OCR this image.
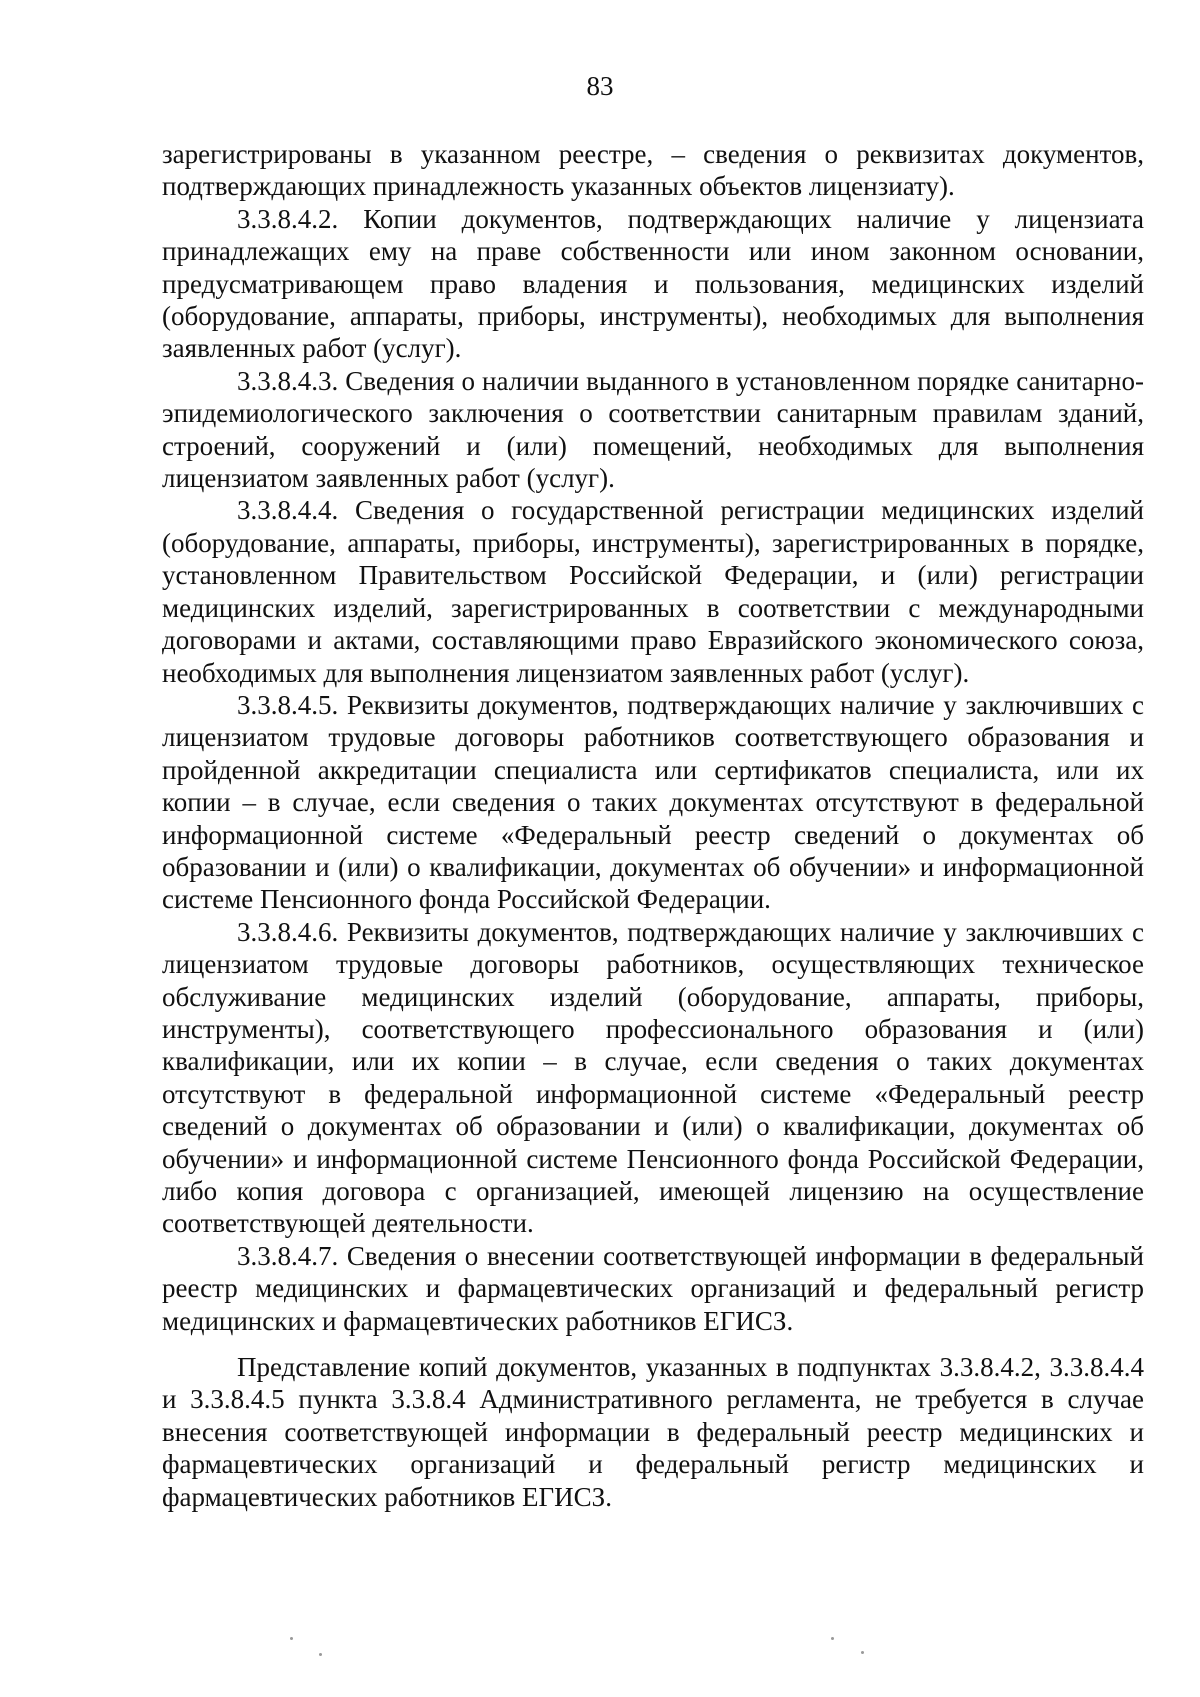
83

зарегистрированы в указанном реестре, – сведения о реквизитах документов, подтверждающих принадлежность указанных объектов лицензиату).

3.3.8.4.2. Копии документов, подтверждающих наличие у лицензиата принадлежащих ему на праве собственности или ином законном основании, предусматривающем право владения и пользования, медицинских изделий (оборудование, аппараты, приборы, инструменты), необходимых для выполнения заявленных работ (услуг).

3.3.8.4.3. Сведения о наличии выданного в установленном порядке санитарно-эпидемиологического заключения о соответствии санитарным правилам зданий, строений, сооружений и (или) помещений, необходимых для выполнения лицензиатом заявленных работ (услуг).

3.3.8.4.4. Сведения о государственной регистрации медицинских изделий (оборудование, аппараты, приборы, инструменты), зарегистрированных в порядке, установленном Правительством Российской Федерации, и (или) регистрации медицинских изделий, зарегистрированных в соответствии с международными договорами и актами, составляющими право Евразийского экономического союза, необходимых для выполнения лицензиатом заявленных работ (услуг).

3.3.8.4.5. Реквизиты документов, подтверждающих наличие у заключивших с лицензиатом трудовые договоры работников соответствующего образования и пройденной аккредитации специалиста или сертификатов специалиста, или их копии – в случае, если сведения о таких документах отсутствуют в федеральной информационной системе «Федеральный реестр сведений о документах об образовании и (или) о квалификации, документах об обучении» и информационной системе Пенсионного фонда Российской Федерации.

3.3.8.4.6. Реквизиты документов, подтверждающих наличие у заключивших с лицензиатом трудовые договоры работников, осуществляющих техническое обслуживание медицинских изделий (оборудование, аппараты, приборы, инструменты), соответствующего профессионального образования и (или) квалификации, или их копии – в случае, если сведения о таких документах отсутствуют в федеральной информационной системе «Федеральный реестр сведений о документах об образовании и (или) о квалификации, документах об обучении» и информационной системе Пенсионного фонда Российской Федерации, либо копия договора с организацией, имеющей лицензию на осуществление соответствующей деятельности.

3.3.8.4.7. Сведения о внесении соответствующей информации в федеральный реестр медицинских и фармацевтических организаций и федеральный регистр медицинских и фармацевтических работников ЕГИСЗ.

Представление копий документов, указанных в подпунктах 3.3.8.4.2, 3.3.8.4.4 и 3.3.8.4.5 пункта 3.3.8.4 Административного регламента, не требуется в случае внесения соответствующей информации в федеральный реестр медицинских и фармацевтических организаций и федеральный регистр медицинских и фармацевтических работников ЕГИСЗ.
